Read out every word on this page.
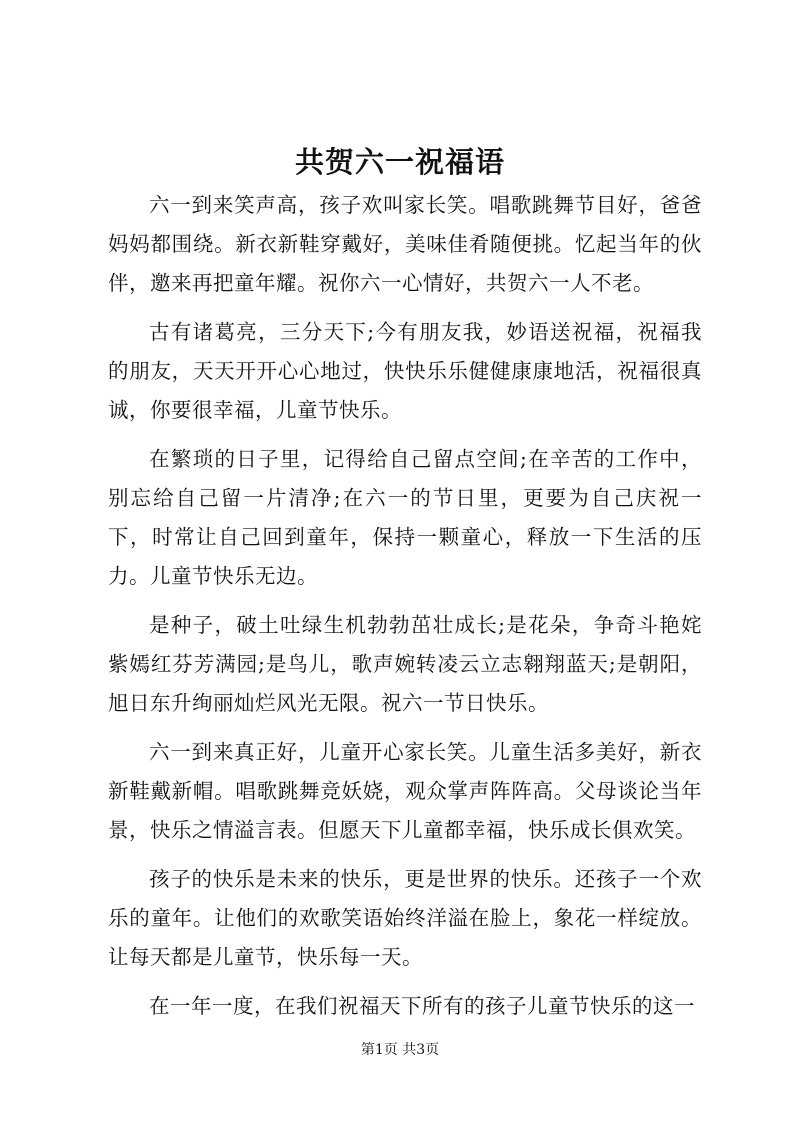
共贺六一祝福语

六一到来笑声高，孩子欢叫家长笑。唱歌跳舞节目好，爸爸妈妈都围绕。新衣新鞋穿戴好，美味佳肴随便挑。忆起当年的伙伴，邀来再把童年耀。祝你六一心情好，共贺六一人不老。

古有诸葛亮，三分天下;今有朋友我，妙语送祝福，祝福我的朋友，天天开开心心地过，快快乐乐健健康康地活，祝福很真诚，你要很幸福，儿童节快乐。

在繁琐的日子里，记得给自己留点空间;在辛苦的工作中，别忘给自己留一片清净;在六一的节日里，更要为自己庆祝一下，时常让自己回到童年，保持一颗童心，释放一下生活的压力。儿童节快乐无边。

是种子，破土吐绿生机勃勃茁壮成长;是花朵，争奇斗艳姹紫嫣红芬芳满园;是鸟儿，歌声婉转凌云立志翱翔蓝天;是朝阳，旭日东升绚丽灿烂风光无限。祝六一节日快乐。

六一到来真正好，儿童开心家长笑。儿童生活多美好，新衣新鞋戴新帽。唱歌跳舞竞妖娆，观众掌声阵阵高。父母谈论当年景，快乐之情溢言表。但愿天下儿童都幸福，快乐成长俱欢笑。

孩子的快乐是未来的快乐，更是世界的快乐。还孩子一个欢乐的童年。让他们的欢歌笑语始终洋溢在脸上，象花一样绽放。让每天都是儿童节，快乐每一天。

在一年一度，在我们祝福天下所有的孩子儿童节快乐的这一

第1页 共3页
